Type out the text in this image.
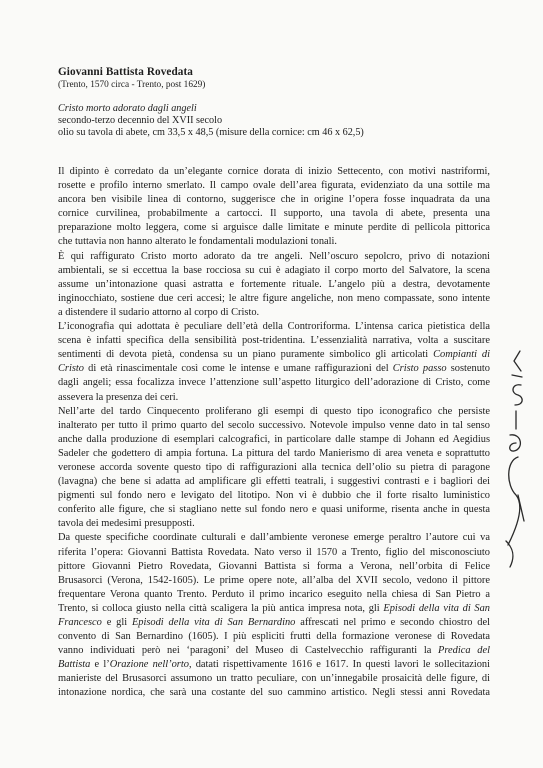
Giovanni Battista Rovedata
(Trento, 1570 circa - Trento, post 1629)
Cristo morto adorato dagli angeli
secondo-terzo decennio del XVII secolo
olio su tavola di abete, cm 33,5 x 48,5 (misure della cornice: cm 46 x 62,5)
Il dipinto è corredato da un’elegante cornice dorata di inizio Settecento, con motivi nastriformi,
rosette e profilo interno smerlato. Il campo ovale dell’area figurata, evidenziato da una sottile ma
ancora ben visibile linea di contorno, suggerisce che in origine l’opera fosse inquadrata da una
cornice curvilinea, probabilmente a cartocci. Il supporto, una tavola di abete, presenta una
preparazione molto leggera, come si arguisce dalle limitate e minute perdite di pellicola pittorica
che tuttavia non hanno alterato le fondamentali modulazioni tonali.
È qui raffigurato Cristo morto adorato da tre angeli. Nell’oscuro sepolcro, privo di notazioni
ambientali, se si eccettua la base rocciosa su cui è adagiato il corpo morto del Salvatore, la scena
assume un’intonazione quasi astratta e fortemente rituale. L’angelo più a destra, devotamente
inginocchiato, sostiene due ceri accesi; le altre figure angeliche, non meno compassate, sono intente
a distendere il sudario attorno al corpo di Cristo.
L’iconografia qui adottata è peculiare dell’età della Controriforma. L’intensa carica pietistica della
scena è infatti specifica della sensibilità post-tridentina. L’essenzialità narrativa, volta a suscitare
sentimenti di devota pietà, condensa su un piano puramente simbolico gli articolati Compianti di
Cristo di età rinascimentale così come le intense e umane raffigurazioni del Cristo passo sostenuto
dagli angeli; essa focalizza invece l’attenzione sull’aspetto liturgico dell’adorazione di Cristo, come
assevera la presenza dei ceri.
Nell’arte del tardo Cinquecento proliferano gli esempi di questo tipo iconografico che persiste
inalterato per tutto il primo quarto del secolo successivo. Notevole impulso venne dato in tal senso
anche dalla produzione di esemplari calcografici, in particolare dalle stampe di Johann ed Aegidius
Sadeler che godettero di ampia fortuna. La pittura del tardo Manierismo di area veneta e soprattutto
veronese accorda sovente questo tipo di raffigurazioni alla tecnica dell’olio su pietra di paragone
(lavagna) che bene si adatta ad amplificare gli effetti teatrali, i suggestivi contrasti e i bagliori dei
pigmenti sul fondo nero e levigato del litotipo. Non vi è dubbio che il forte risalto luministico
conferito alle figure, che si stagliano nette sul fondo nero e quasi uniforme, risenta anche in questa
tavola dei medesimi presupposti.
Da queste specifiche coordinate culturali e dall’ambiente veronese emerge peraltro l’autore cui va
riferita l’opera: Giovanni Battista Rovedata. Nato verso il 1570 a Trento, figlio del misconosciuto
pittore Giovanni Pietro Rovedata, Giovanni Battista si forma a Verona, nell’orbita di Felice
Brusasorci (Verona, 1542-1605). Le prime opere note, all’alba del XVII secolo, vedono il pittore
frequentare Verona quanto Trento. Perduto il primo incarico eseguito nella chiesa di San Pietro a
Trento, si colloca giusto nella città scaligera la più antica impresa nota, gli Episodi della vita di San
Francesco e gli Episodi della vita di San Bernardino affrescati nel primo e secondo chiostro del
convento di San Bernardino (1605). I più espliciti frutti della formazione veronese di Rovedata
vanno individuati però nei ‘paragoni’ del Museo di Castelvecchio raffiguranti la Predica del
Battista e l’Orazione nell’orto, datati rispettivamente 1616 e 1617. In questi lavori le sollecitazioni
manieriste del Brusasorci assumono un tratto peculiare, con un’innegabile prosaicità delle figure, di
intonazione nordica, che sarà una costante del suo cammino artistico. Negli stessi anni Rovedata
